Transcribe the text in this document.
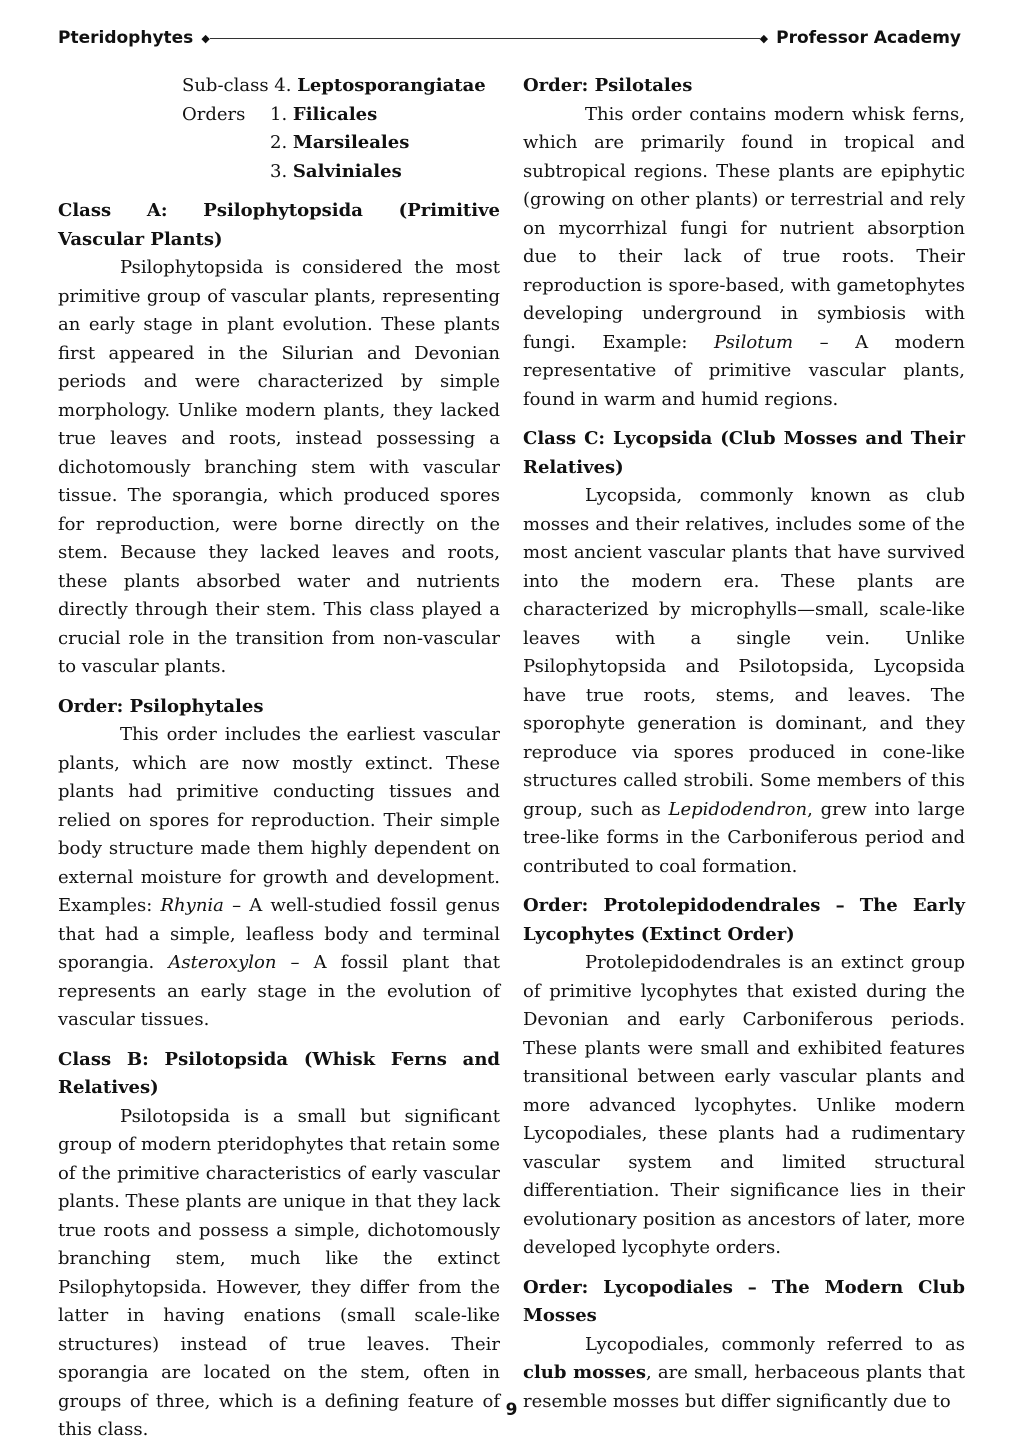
Pteridophytes ◆	◆ Professor Academy
Sub-class 4.
Leptosporangiatae
Orders	1.
Filicales
2.
Marsileales
3.
Salviniales
Class A: Psilophytopsida (Primitive Vascular Plants)

Psilophytopsida is considered the most primitive group of vascular plants, representing an early stage in plant evolution. These plants first appeared in the Silurian and Devonian periods and were characterized by simple morphology. Unlike modern plants, they lacked true leaves and roots, instead possessing a dichotomously branching stem with vascular tissue. The sporangia, which produced spores for reproduction, were borne directly on the stem. Because they lacked leaves and roots, these plants absorbed water and nutrients directly through their stem. This class played a crucial role in the transition from non-vascular to vascular plants.

Order: Psilophytales

This order includes the earliest vascular plants, which are now mostly extinct. These plants had primitive conducting tissues and relied on spores for reproduction. Their simple body structure made them highly dependent on external moisture for growth and development. Examples: Rhynia – A well-studied fossil genus that had a simple, leafless body and terminal sporangia. Asteroxylon – A fossil plant that represents an early stage in the evolution of vascular tissues.

Class B: Psilotopsida (Whisk Ferns and Relatives)

Psilotopsida is a small but significant group of modern pteridophytes that retain some of the primitive characteristics of early vascular plants. These plants are unique in that they lack true roots and possess a simple, dichotomously branching stem, much like the extinct Psilophytopsida. However, they differ from the latter in having enations (small scale-like structures) instead of true leaves. Their sporangia are located on the stem, often in groups of three, which is a defining feature of this class.

Order: Psilotales

This order contains modern whisk ferns, which are primarily found in tropical and subtropical regions. These plants are epiphytic (growing on other plants) or terrestrial and rely on mycorrhizal fungi for nutrient absorption due to their lack of true roots. Their reproduction is spore-based, with gametophytes developing underground in symbiosis with fungi. Example: Psilotum – A modern representative of primitive vascular plants, found in warm and humid regions.

Class C: Lycopsida (Club Mosses and Their Relatives)

Lycopsida, commonly known as club mosses and their relatives, includes some of the most ancient vascular plants that have survived into the modern era. These plants are characterized by microphylls—small, scale-like leaves with a single vein. Unlike Psilophytopsida and Psilotopsida, Lycopsida have true roots, stems, and leaves. The sporophyte generation is dominant, and they reproduce via spores produced in cone-like structures called strobili. Some members of this group, such as Lepidodendron, grew into large tree-like forms in the Carboniferous period and contributed to coal formation.

Order: Protolepidodendrales – The Early Lycophytes (Extinct Order)

Protolepidodendrales is an extinct group of primitive lycophytes that existed during the Devonian and early Carboniferous periods. These plants were small and exhibited features transitional between early vascular plants and more advanced lycophytes. Unlike modern Lycopodiales, these plants had a rudimentary vascular system and limited structural differentiation. Their significance lies in their evolutionary position as ancestors of later, more developed lycophyte orders.

Order: Lycopodiales – The Modern Club Mosses

Lycopodiales, commonly referred to as club mosses, are small, herbaceous plants that resemble mosses but differ significantly due to

9
